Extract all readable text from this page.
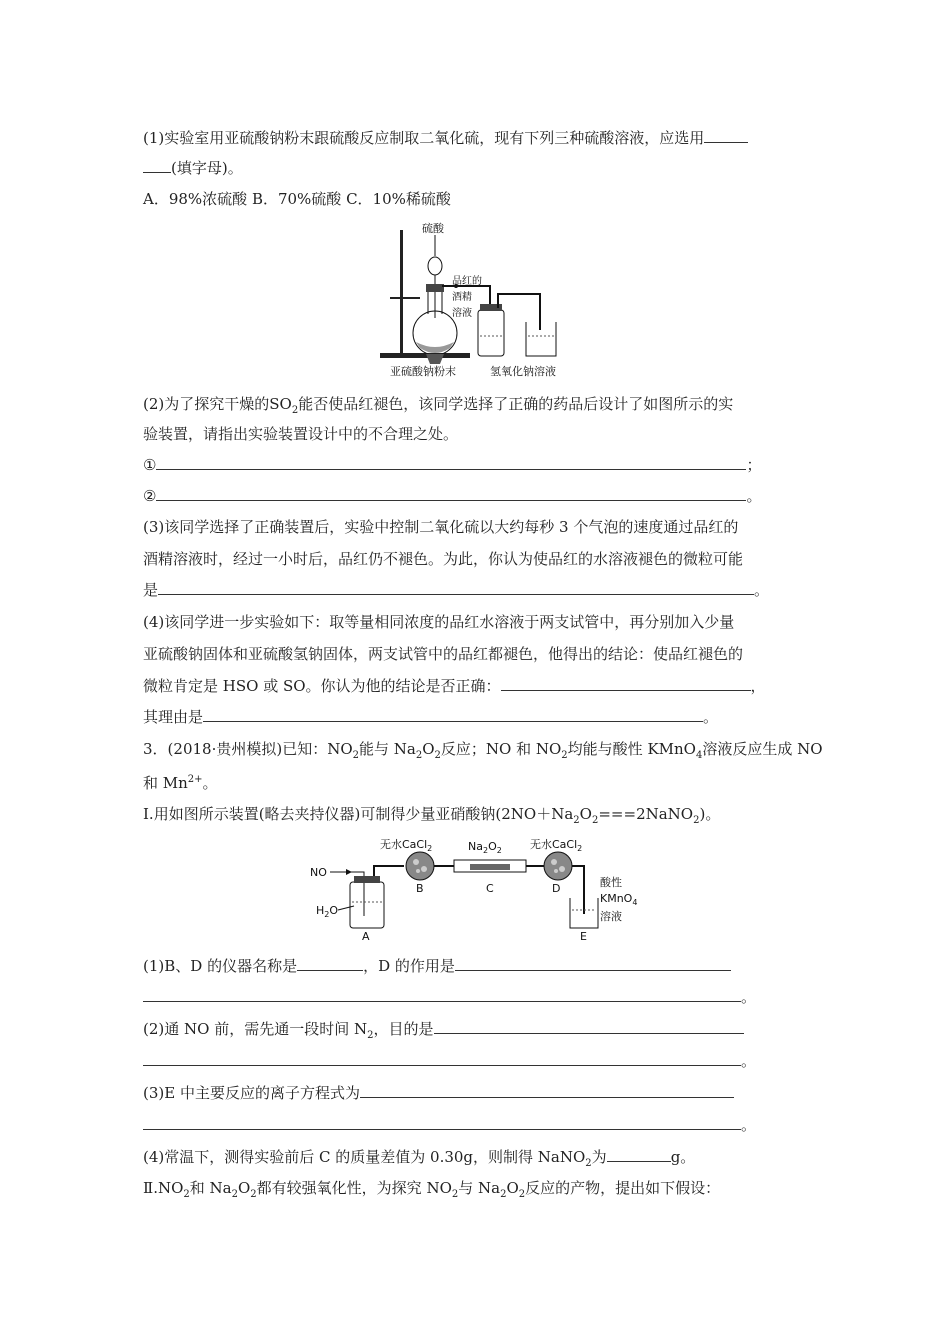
(1)实验室用亚硫酸钠粉末跟硫酸反应制取二氧化硫，现有下列三种硫酸溶液，应选用
(填字母)。
A．98%浓硫酸 B．70%硫酸 C．10%稀硫酸
硫酸
品红的
酒精
溶液
亚硫酸钠粉末	氢氧化钠溶液
(2)为了探究干燥的$SO_2$能否使品红褪色，该同学选择了正确的药品后设计了如图所示的实
验装置，请指出实验装置设计中的不合理之处。
①	；
②	。
(3)该同学选择了正确装置后，实验中控制二氧化硫以大约每秒 3 个气泡的速度通过品红的
酒精溶液时，经过一小时后，品红仍不褪色。为此，你认为使品红的水溶液褪色的微粒可能
是	。
(4)该同学进一步实验如下：取等量相同浓度的品红水溶液于两支试管中，再分别加入少量
亚硫酸钠固体和亚硫酸氢钠固体，两支试管中的品红都褪色，他得出的结论：使品红褪色的
微粒肯定是 HSO 或 SO。你认为他的结论是否正确：	，
其理由是	。
3．(2018·贵州模拟)已知：$NO_2$能与 $Na_2O_2$反应；NO 和 $NO_2$均能与酸性 KMnO$_4$溶液反应生成 NO
和 $Mn^{2+}$。
Ⅰ.用如图所示装置(略去夹持仪器)可制得少量亚硝酸钠$(2NO+Na_2O_2===2NaNO_2)$。
NO
$H_2O$
A
无水CaCl$_2$
B
$Na_2O_2$
C
无水CaCl$_2$
D
E
酸性
KMnO$_4$
溶液
(1)B、D 的仪器名称是	，D 的作用是
。
(2)通 NO 前，需先通一段时间 $N_2$，目的是
。
(3)E 中主要反应的离子方程式为
。
(4)常温下，测得实验前后 C 的质量差值为 0.30g，则制得 NaNO$_2$为	g。
$Ⅱ.NO_2$和 $Na_2O_2$都有较强氧化性，为探究 $NO_2$与 $Na_2O_2$反应的产物，提出如下假设：
